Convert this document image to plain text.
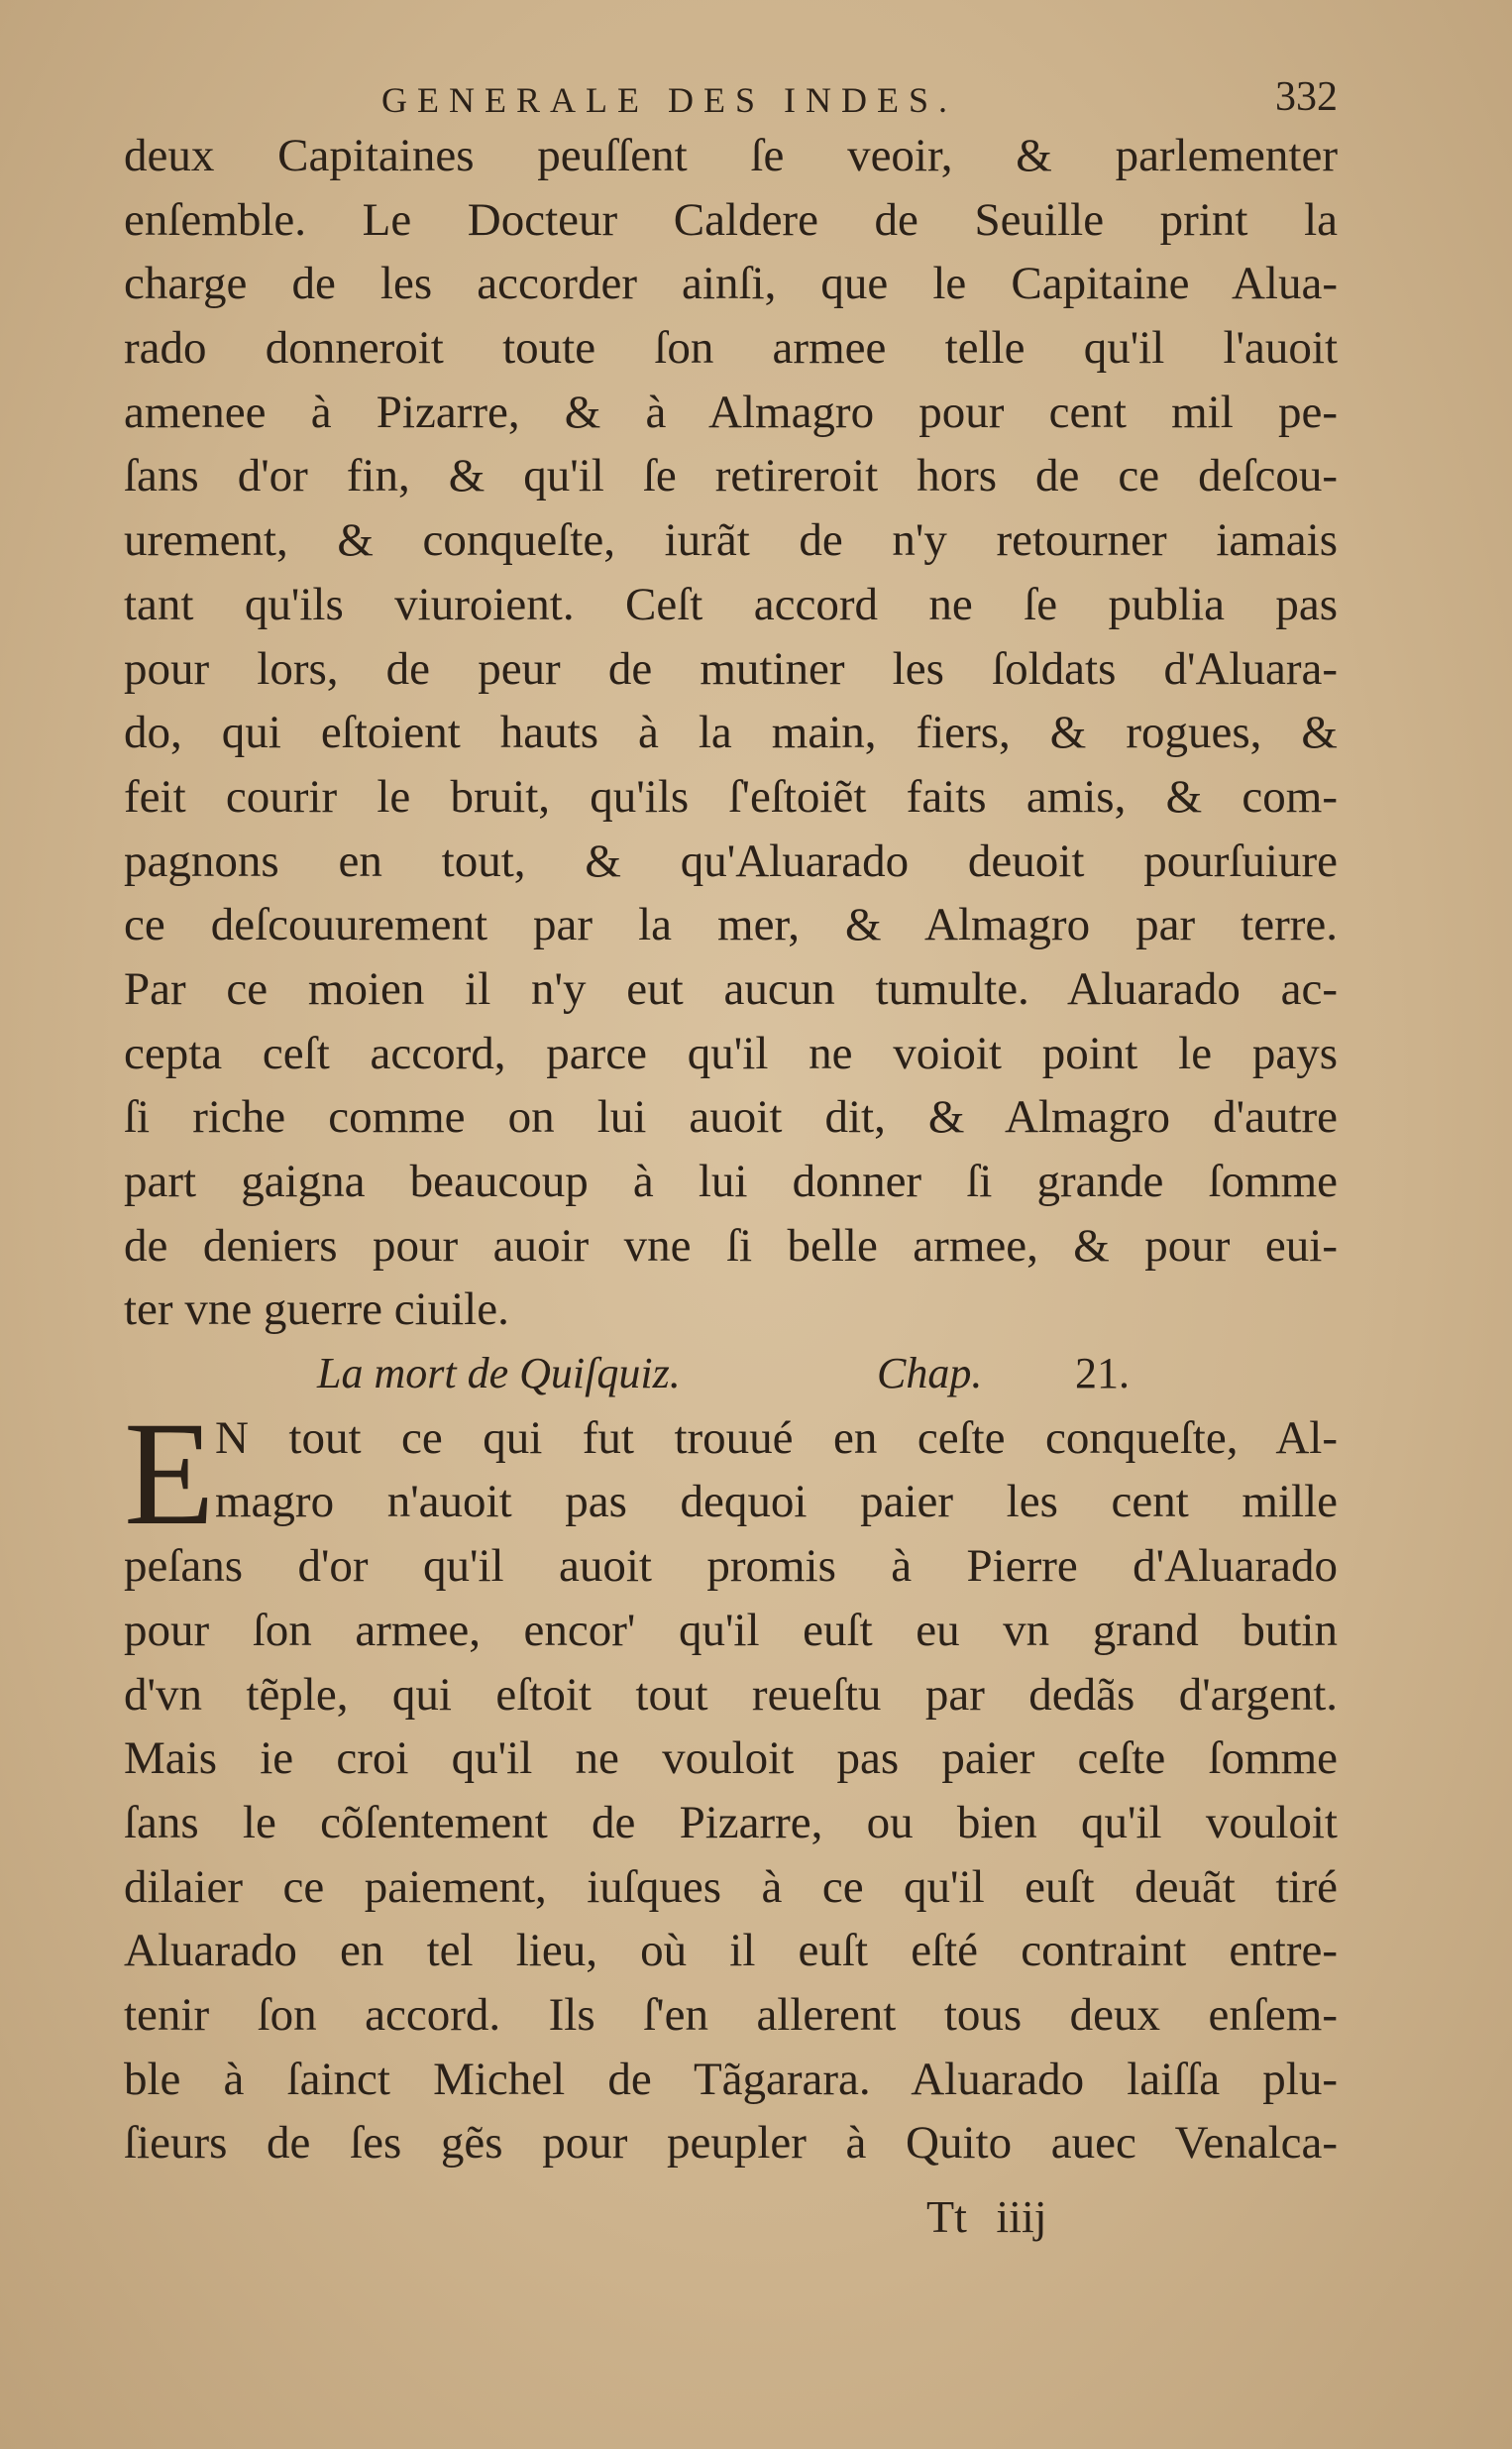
GENERALE DES INDES.	332
deux Capitaines peuſſent ſe veoir, & parlementer
enſemble. Le Docteur Caldere de Seuille print la
charge de les accorder ainſi, que le Capitaine Alua-
rado donneroit toute ſon armee telle qu'il l'auoit
amenee à Pizarre, & à Almagro pour cent mil pe-
ſans d'or fin, & qu'il ſe retireroit hors de ce deſcou-
urement, & conqueſte, iurãt de n'y retourner iamais
tant qu'ils viuroient. Ceſt accord ne ſe publia pas
pour lors, de peur de mutiner les ſoldats d'Aluara-
do, qui eſtoient hauts à la main, fiers, & rogues, &
feit courir le bruit, qu'ils ſ'eſtoiẽt faits amis, & com-
pagnons en tout, & qu'Aluarado deuoit pourſuiure
ce deſcouurement par la mer, & Almagro par terre.
Par ce moien il n'y eut aucun tumulte. Aluarado ac-
cepta ceſt accord, parce qu'il ne voioit point le pays
ſi riche comme on lui auoit dit, & Almagro d'autre
part gaigna beaucoup à lui donner ſi grande ſomme
de deniers pour auoir vne ſi belle armee, & pour eui-
ter vne guerre ciuile.
La mort de Quiſquiz.	Chap. 21.
E N tout ce qui fut trouué en ceſte conqueſte, Al-
magro n'auoit pas dequoi paier les cent mille
peſans d'or qu'il auoit promis à Pierre d'Aluarado
pour ſon armee, encor' qu'il euſt eu vn grand butin
d'vn tẽple, qui eſtoit tout reueſtu par dedãs d'argent.
Mais ie croi qu'il ne vouloit pas paier ceſte ſomme
ſans le cõſentement de Pizarre, ou bien qu'il vouloit
dilaier ce paiement, iuſques à ce qu'il euſt deuãt tiré
Aluarado en tel lieu, où il euſt eſté contraint entre-
tenir ſon accord. Ils ſ'en allerent tous deux enſem-
ble à ſainct Michel de Tãgarara. Aluarado laiſſa plu-
ſieurs de ſes gẽs pour peupler à Quito auec Venalca-
Tt iiij
